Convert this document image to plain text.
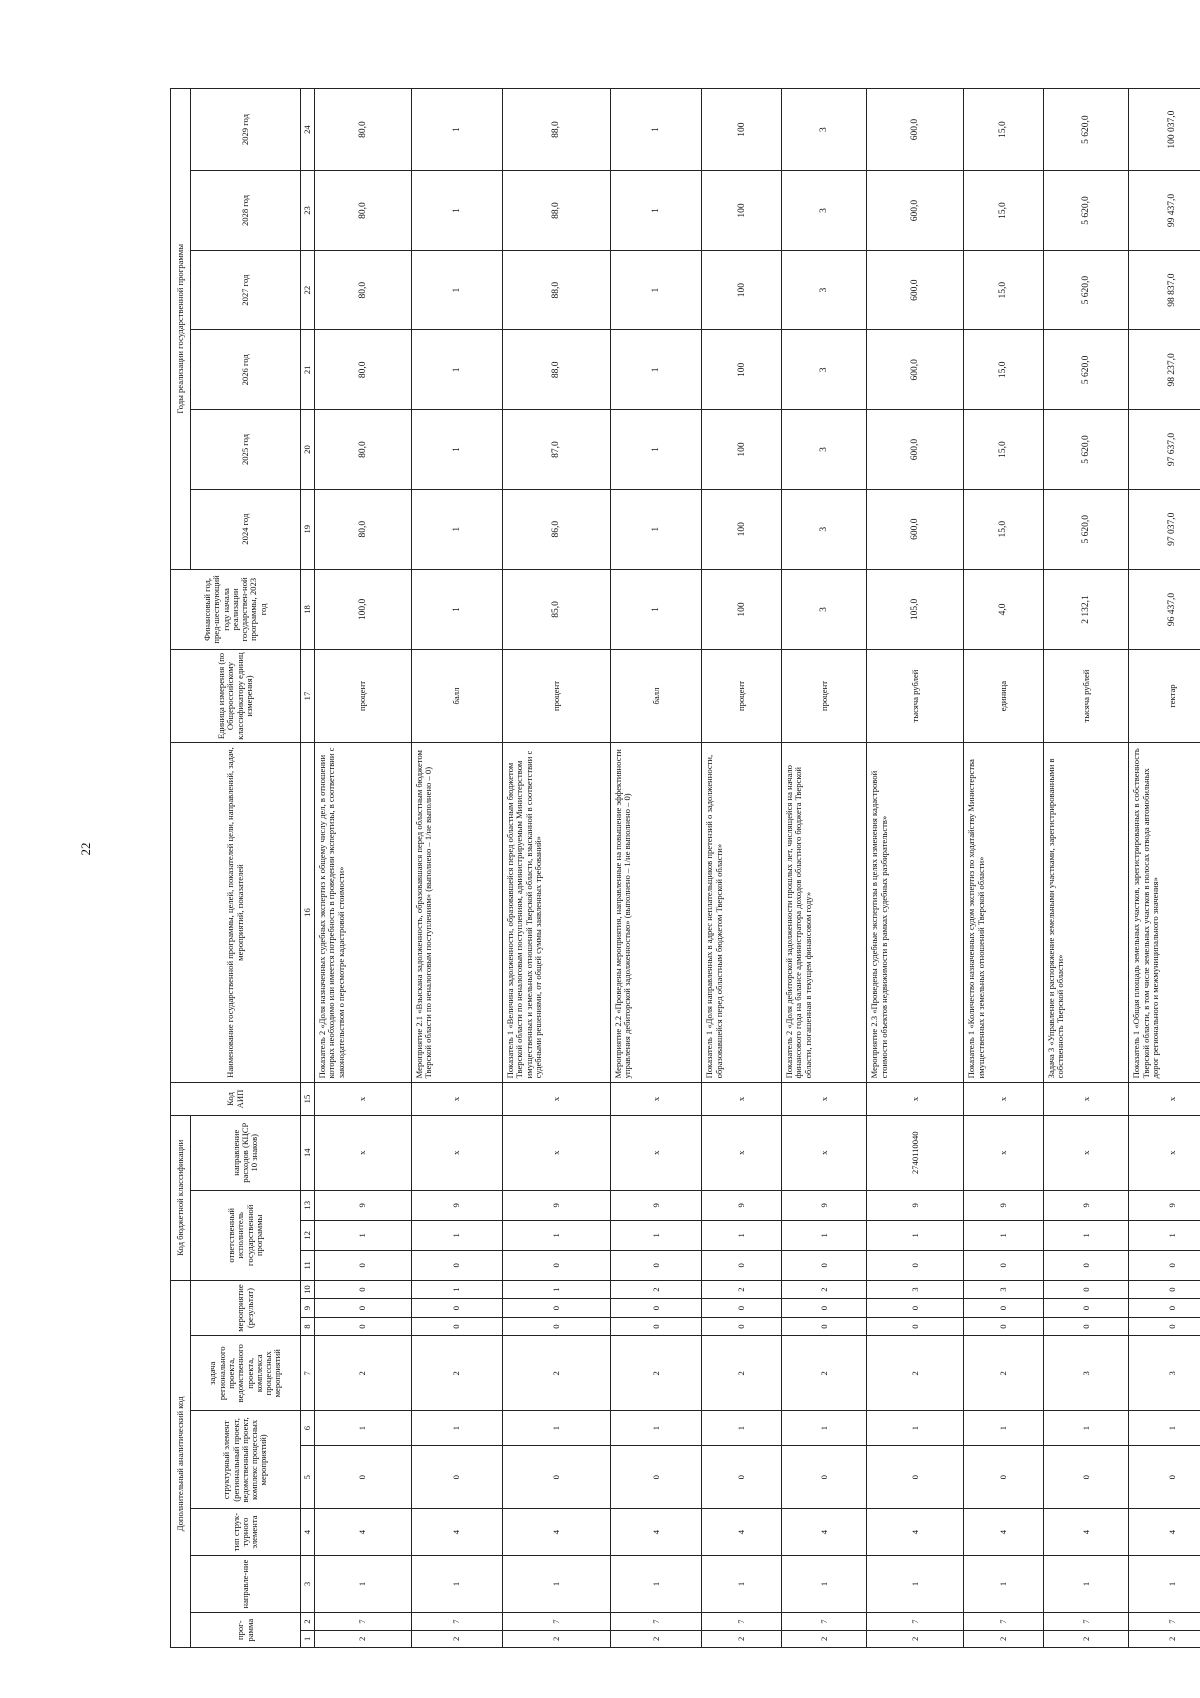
22
Дополнительный аналитический код										Код бюджетной классификации				Код АИП	Наименование государственной программы, целей, показателей цели, направлений, задач, мероприятий, показателей	Единица измерения (по Общероссийскому классификатору единиц измерения)	Финансовый год, пред-шествующий году начала реализации государствен-ной программы, 2023 год	Годы реализации государственной программы					
прог-рамма		направле-ние	тип струк-турного элемента	структурный элемент (региональный проект, ведомственный проект, комплекс процессных мероприятий)		задача регионального проекта, ведомственного проекта, комплекса процессных мероприятий	мероприятие (результат)			ответственный исполнитель государственной программы			направление расходов (КЦСР 10 знаков)					2024 год	2025 год	2026 год	2027 год	2028 год	2029 год
1	2	3	4	5	6	7	8	9	10	11	12	13	14	15	16	17	18	19	20	21	22	23	24
2	7	1	4	0	1	2	0	0	0	0	1	9	x	x	Показатель 2 «Доля назначенных судебных экспертиз к общему числу дел, в отношении которых необходимо или имеется потребность в проведении экспертизы, в соответствии с законодательством о пересмотре кадастровой стоимости»	процент	100,0	80,0	80,0	80,0	80,0	80,0	80,0
2	7	1	4	0	1	2	0	0	1	0	1	9	x	x	Мероприятие 2.1 «Взыскана задолженность, образовавшаяся перед областным бюджетом Тверской области по неналоговым поступлениям» (выполнено – 1/не выполнено – 0)	балл	1	1	1	1	1	1	1
2	7	1	4	0	1	2	0	0	1	0	1	9	x	x	Показатель 1 «Величина задолженности, образовавшейся перед областным бюджетом Тверской области по неналоговым поступлениям, администрируемым Министерством имущественных и земельных отношений Тверской области, взысканной в соответствии с судебными решениями, от общей суммы заявленных требований»	процент	85,0	86,0	87,0	88,0	88,0	88,0	88,0
2	7	1	4	0	1	2	0	0	2	0	1	9	x	x	Мероприятие 2.2 «Проведены мероприятия, направленные на повышение эффективности управления дебиторской задолженностью» (выполнено – 1/не выполнено – 0)	балл	1	1	1	1	1	1	1
2	7	1	4	0	1	2	0	0	2	0	1	9	x	x	Показатель 1 «Доля направленных в адрес неплательщиков претензий о задолженности, образовавшейся перед областным бюджетом Тверской области»	процент	100	100	100	100	100	100	100
2	7	1	4	0	1	2	0	0	2	0	1	9	x	x	Показатель 2 «Доля дебиторской задолженности прошлых лет, числящейся на начало финансового года на балансе администратора доходов областного бюджета Тверской области, погашенная в текущем финансовом году»	процент	3	3	3	3	3	3	3
2	7	1	4	0	1	2	0	0	3	0	1	9	2740110040	x	Мероприятие 2.3 «Проведены судебные экспертизы в целях изменения кадастровой стоимости объектов недвижимости в рамках судебных разбирательств»	тысяча рублей	105,0	600,0	600,0	600,0	600,0	600,0	600,0
2	7	1	4	0	1	2	0	0	3	0	1	9	x	x	Показатель 1 «Количество назначенных судом экспертиз по ходатайству Министерства имущественных и земельных отношений Тверской области»	единица	4,0	15,0	15,0	15,0	15,0	15,0	15,0
2	7	1	4	0	1	3	0	0	0	0	1	9	x	x	Задача 3 «Управление и распоряжение земельными участками, зарегистрированными в собственность Тверской области»	тысяча рублей	2 132,1	5 620,0	5 620,0	5 620,0	5 620,0	5 620,0	5 620,0
2	7	1	4	0	1	3	0	0	0	0	1	9	x	x	Показатель 1 «Общая площадь земельных участков, зарегистрированных в собственность Тверской области, в том числе земельных участков в полосах отвода автомобильных дорог регионального и межмуниципального значения»	гектар	96 437,0	97 037,0	97 637,0	98 237,0	98 837,0	99 437,0	100 037,0
